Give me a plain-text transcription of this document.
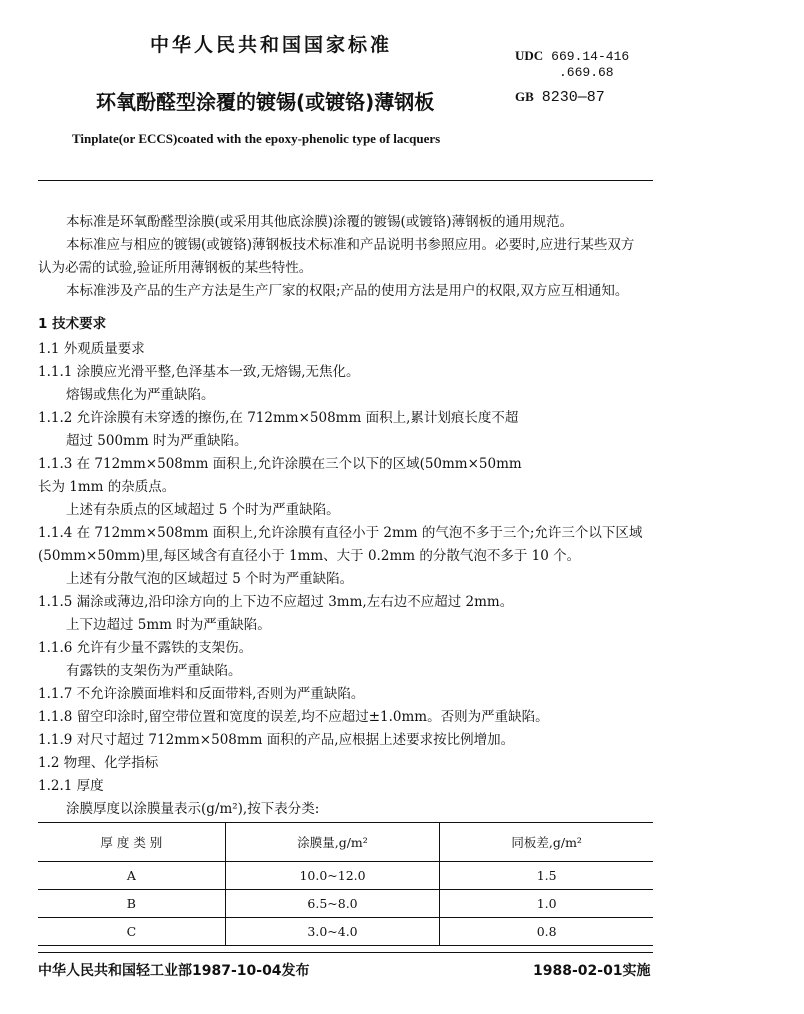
中华人民共和国国家标准	UDC 669.14-416
.669.68
环氧酚醛型涂覆的镀锡(或镀铬)薄钢板	GB 8230—87
Tinplate(or ECCS)coated with the epoxy-phenolic type of lacquers
本标准是环氧酚醛型涂膜(或采用其他底涂膜)涂覆的镀锡(或镀铬)薄钢板的通用规范。
本标准应与相应的镀锡(或镀铬)薄钢板技术标准和产品说明书参照应用。必要时,应进行某些双方
认为必需的试验,验证所用薄钢板的某些特性。
本标准涉及产品的生产方法是生产厂家的权限;产品的使用方法是用户的权限,双方应互相通知。
1 技术要求
1.1 外观质量要求
1.1.1 涂膜应光滑平整,色泽基本一致,无熔锡,无焦化。
熔锡或焦化为严重缺陷。
1.1.2 允许涂膜有未穿透的擦伤,在 712mm×508mm 面积上,累计划痕长度不超
超过 500mm 时为严重缺陷。
1.1.3 在 712mm×508mm 面积上,允许涂膜在三个以下的区域(50mm×50mm
长为 1mm 的杂质点。
上述有杂质点的区域超过 5 个时为严重缺陷。
1.1.4 在 712mm×508mm 面积上,允许涂膜有直径小于 2mm 的气泡不多于三个;允许三个以下区域
(50mm×50mm)里,每区域含有直径小于 1mm、大于 0.2mm 的分散气泡不多于 10 个。
上述有分散气泡的区域超过 5 个时为严重缺陷。
1.1.5 漏涂或薄边,沿印涂方向的上下边不应超过 3mm,左右边不应超过 2mm。
上下边超过 5mm 时为严重缺陷。
1.1.6 允许有少量不露铁的支架伤。
有露铁的支架伤为严重缺陷。
1.1.7 不允许涂膜面堆料和反面带料,否则为严重缺陷。
1.1.8 留空印涂时,留空带位置和宽度的误差,均不应超过±1.0mm。否则为严重缺陷。
1.1.9 对尺寸超过 712mm×508mm 面积的产品,应根据上述要求按比例增加。
1.2 物理、化学指标
1.2.1 厚度
涂膜厚度以涂膜量表示(g/m²),按下表分类:
厚 度 类 别	涂膜量,g/m²	同板差,g/m²
A	10.0~12.0	1.5
B	6.5~8.0	1.0
C	3.0~4.0	0.8
中华人民共和国轻工业部1987-10-04发布	1988-02-01实施
